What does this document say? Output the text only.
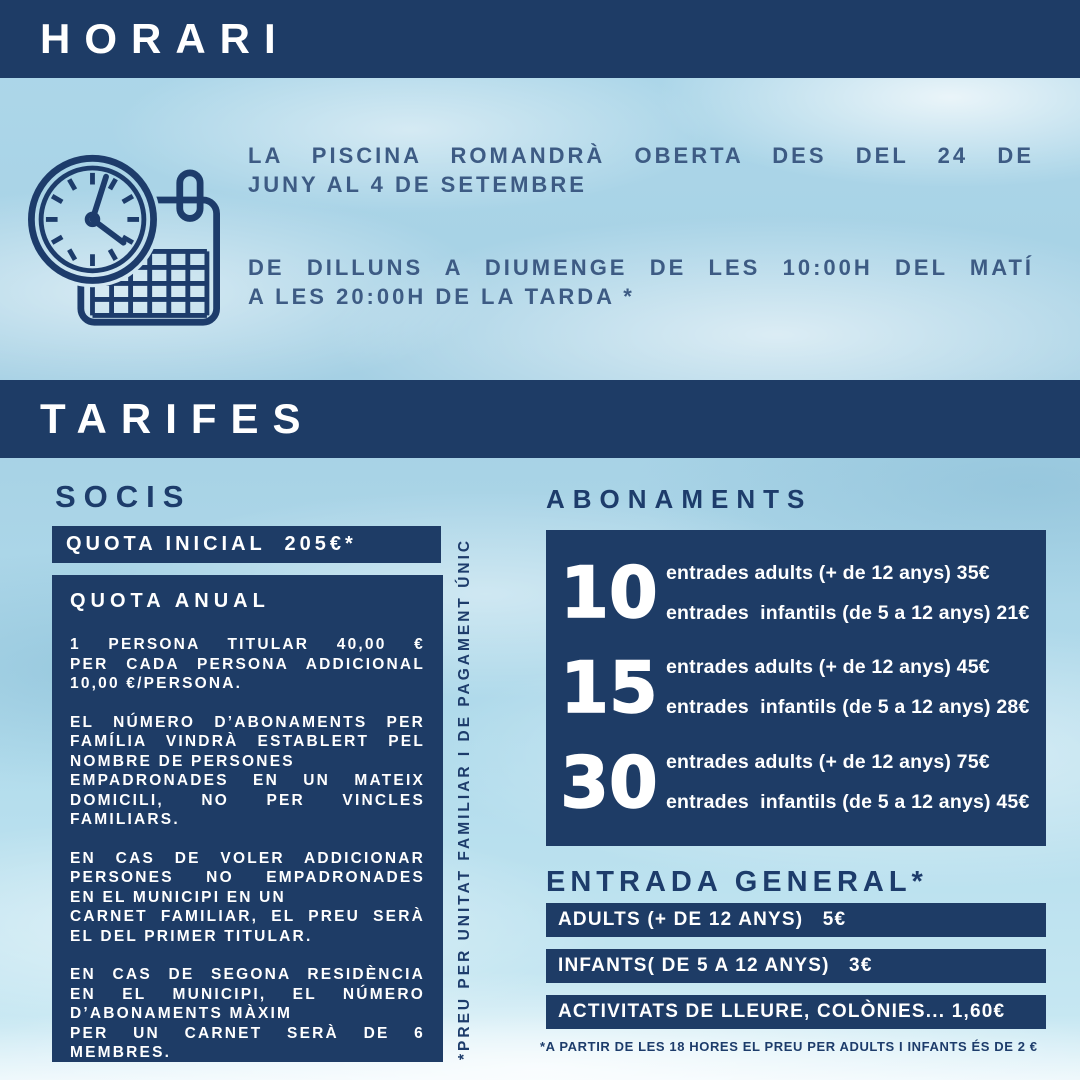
HORARI
LA PISCINA ROMANDRÀ OBERTA DES DEL 24 DE
JUNY AL 4 DE SETEMBRE
DE DILLUNS A DIUMENGE DE LES 10:00H DEL MATÍ
A LES 20:00H DE LA TARDA *
TARIFES
SOCIS
QUOTA INICIAL  205€*

QUOTA ANUAL

1 PERSONA TITULAR 40,00 €
PER CADA PERSONA ADDICIONAL
10,00 €/PERSONA.
EL NÚMERO D’ABONAMENTS PER
FAMÍLIA VINDRÀ ESTABLERT PEL
NOMBRE DE PERSONES
EMPADRONADES EN UN MATEIX
DOMICILI, NO PER VINCLES
FAMILIARS.
EN CAS DE VOLER ADDICIONAR
PERSONES NO EMPADRONADES
EN EL MUNICIPI EN UN
CARNET FAMILIAR, EL PREU SERÀ
EL DEL PRIMER TITULAR.
EN CAS DE SEGONA RESIDÈNCIA
EN EL MUNICIPI, EL NÚMERO
D’ABONAMENTS MÀXIM
PER UN CARNET SERÀ DE 6
MEMBRES.	*PREU PER UNITAT FAMILIAR I DE PAGAMENT ÚNIC
ABONAMENTS
10 entrades adults (+ de 12 anys) 35€
entrades  infantils (de 5 a 12 anys) 21€
15 entrades adults (+ de 12 anys) 45€
entrades  infantils (de 5 a 12 anys) 28€
30 entrades adults (+ de 12 anys) 75€
entrades  infantils (de 5 a 12 anys) 45€
ENTRADA GENERAL*
ADULTS (+ DE 12 ANYS)   5€
INFANTS( DE 5 A 12 ANYS)   3€
ACTIVITATS DE LLEURE, COLÒNIES... 1,60€
*A PARTIR DE LES 18 HORES EL PREU PER ADULTS I INFANTS ÉS DE 2 €
